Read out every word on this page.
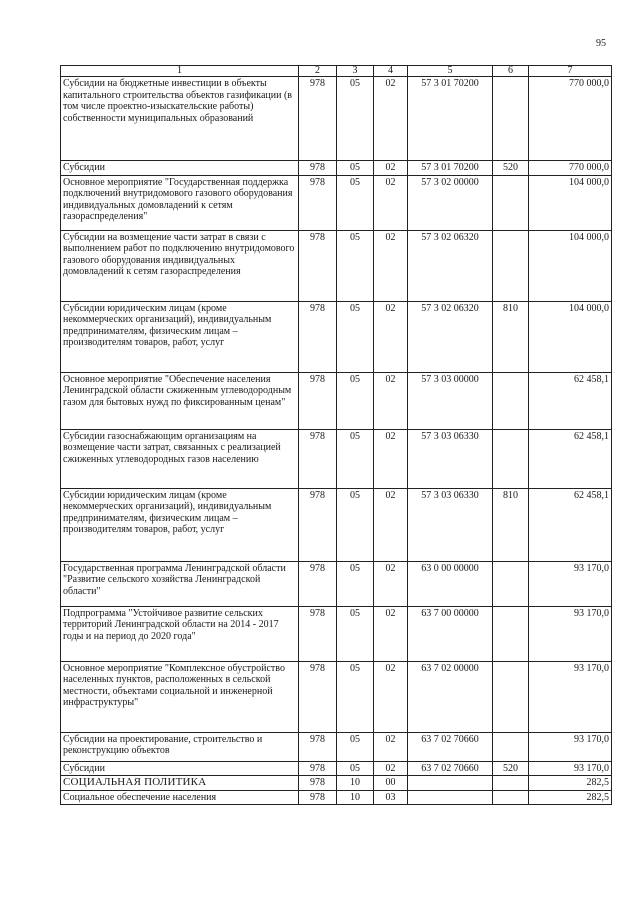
95
1	2	3	4	5	6	7
Субсидии на бюджетные инвестиции в объекты капитального строительства объектов газификации (в том числе проектно-изыскательские работы) собственности муниципальных образований	978	05	02	57 3 01 70200		770 000,0
Субсидии	978	05	02	57 3 01 70200	520	770 000,0
Основное мероприятие "Государственная поддержка подключений внутридомового газового оборудования индивидуальных домовладений к сетям газораспределения"	978	05	02	57 3 02 00000		104 000,0
Субсидии на возмещение части затрат в связи с выполнением работ по подключению внутридомового газового оборудования индивидуальных домовладений к сетям газораспределения	978	05	02	57 3 02 06320		104 000,0
Субсидии юридическим лицам (кроме некоммерческих организаций), индивидуальным предпринимателям, физическим лицам – производителям товаров, работ, услуг	978	05	02	57 3 02 06320	810	104 000,0
Основное мероприятие "Обеспечение населения Ленинградской области сжиженным углеводородным газом для бытовых нужд по фиксированным ценам"	978	05	02	57 3 03 00000		62 458,1
Субсидии газоснабжающим организациям на возмещение части затрат, связанных с реализацией сжиженных углеводородных газов населению	978	05	02	57 3 03 06330		62 458,1
Субсидии юридическим лицам (кроме некоммерческих организаций), индивидуальным предпринимателям, физическим лицам – производителям товаров, работ, услуг	978	05	02	57 3 03 06330	810	62 458,1
Государственная программа Ленинградской области "Развитие сельского хозяйства Ленинградской области"	978	05	02	63 0 00 00000		93 170,0
Подпрограмма "Устойчивое развитие сельских территорий Ленинградской области на 2014 - 2017 годы и на период до 2020 года"	978	05	02	63 7 00 00000		93 170,0
Основное мероприятие "Комплексное обустройство населенных пунктов, расположенных в сельской местности, объектами социальной и инженерной инфраструктуры"	978	05	02	63 7 02 00000		93 170,0
Субсидии на проектирование, строительство и реконструкцию объектов	978	05	02	63 7 02 70660		93 170,0
Субсидии	978	05	02	63 7 02 70660	520	93 170,0
СОЦИАЛЬНАЯ ПОЛИТИКА	978	10	00			282,5
Социальное обеспечение населения	978	10	03			282,5
